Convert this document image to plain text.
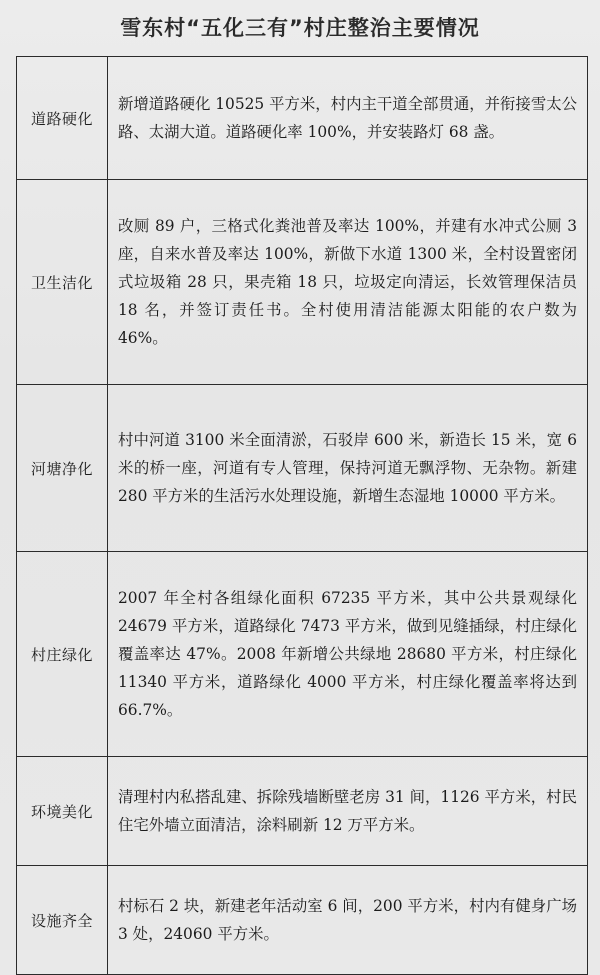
雪东村“五化三有”村庄整治主要情况
道路硬化	新增道路硬化 10525 平方米，村内主干道全部贯通，并衔接雪太公路、太湖大道。道路硬化率 100%，并安装路灯 68 盏。
卫生洁化	改厕 89 户，三格式化粪池普及率达 100%，并建有水冲式公厕 3 座，自来水普及率达 100%，新做下水道 1300 米，全村设置密闭式垃圾箱 28 只，果壳箱 18 只，垃圾定向清运，长效管理保洁员 18 名，并签订责任书。全村使用清洁能源太阳能的农户数为 46%。
河塘净化	村中河道 3100 米全面清淤，石驳岸 600 米，新造长 15 米，宽 6 米的桥一座，河道有专人管理，保持河道无飘浮物、无杂物。新建 280 平方米的生活污水处理设施，新增生态湿地 10000 平方米。
村庄绿化	2007 年全村各组绿化面积 67235 平方米，其中公共景观绿化 24679 平方米，道路绿化 7473 平方米，做到见缝插绿，村庄绿化覆盖率达 47%。2008 年新增公共绿地 28680 平方米，村庄绿化 11340 平方米，道路绿化 4000 平方米，村庄绿化覆盖率将达到 66.7%。
环境美化	清理村内私搭乱建、拆除残墙断壁老房 31 间，1126 平方米，村民住宅外墙立面清洁，涂料刷新 12 万平方米。
设施齐全	村标石 2 块，新建老年活动室 6 间，200 平方米，村内有健身广场 3 处，24060 平方米。
